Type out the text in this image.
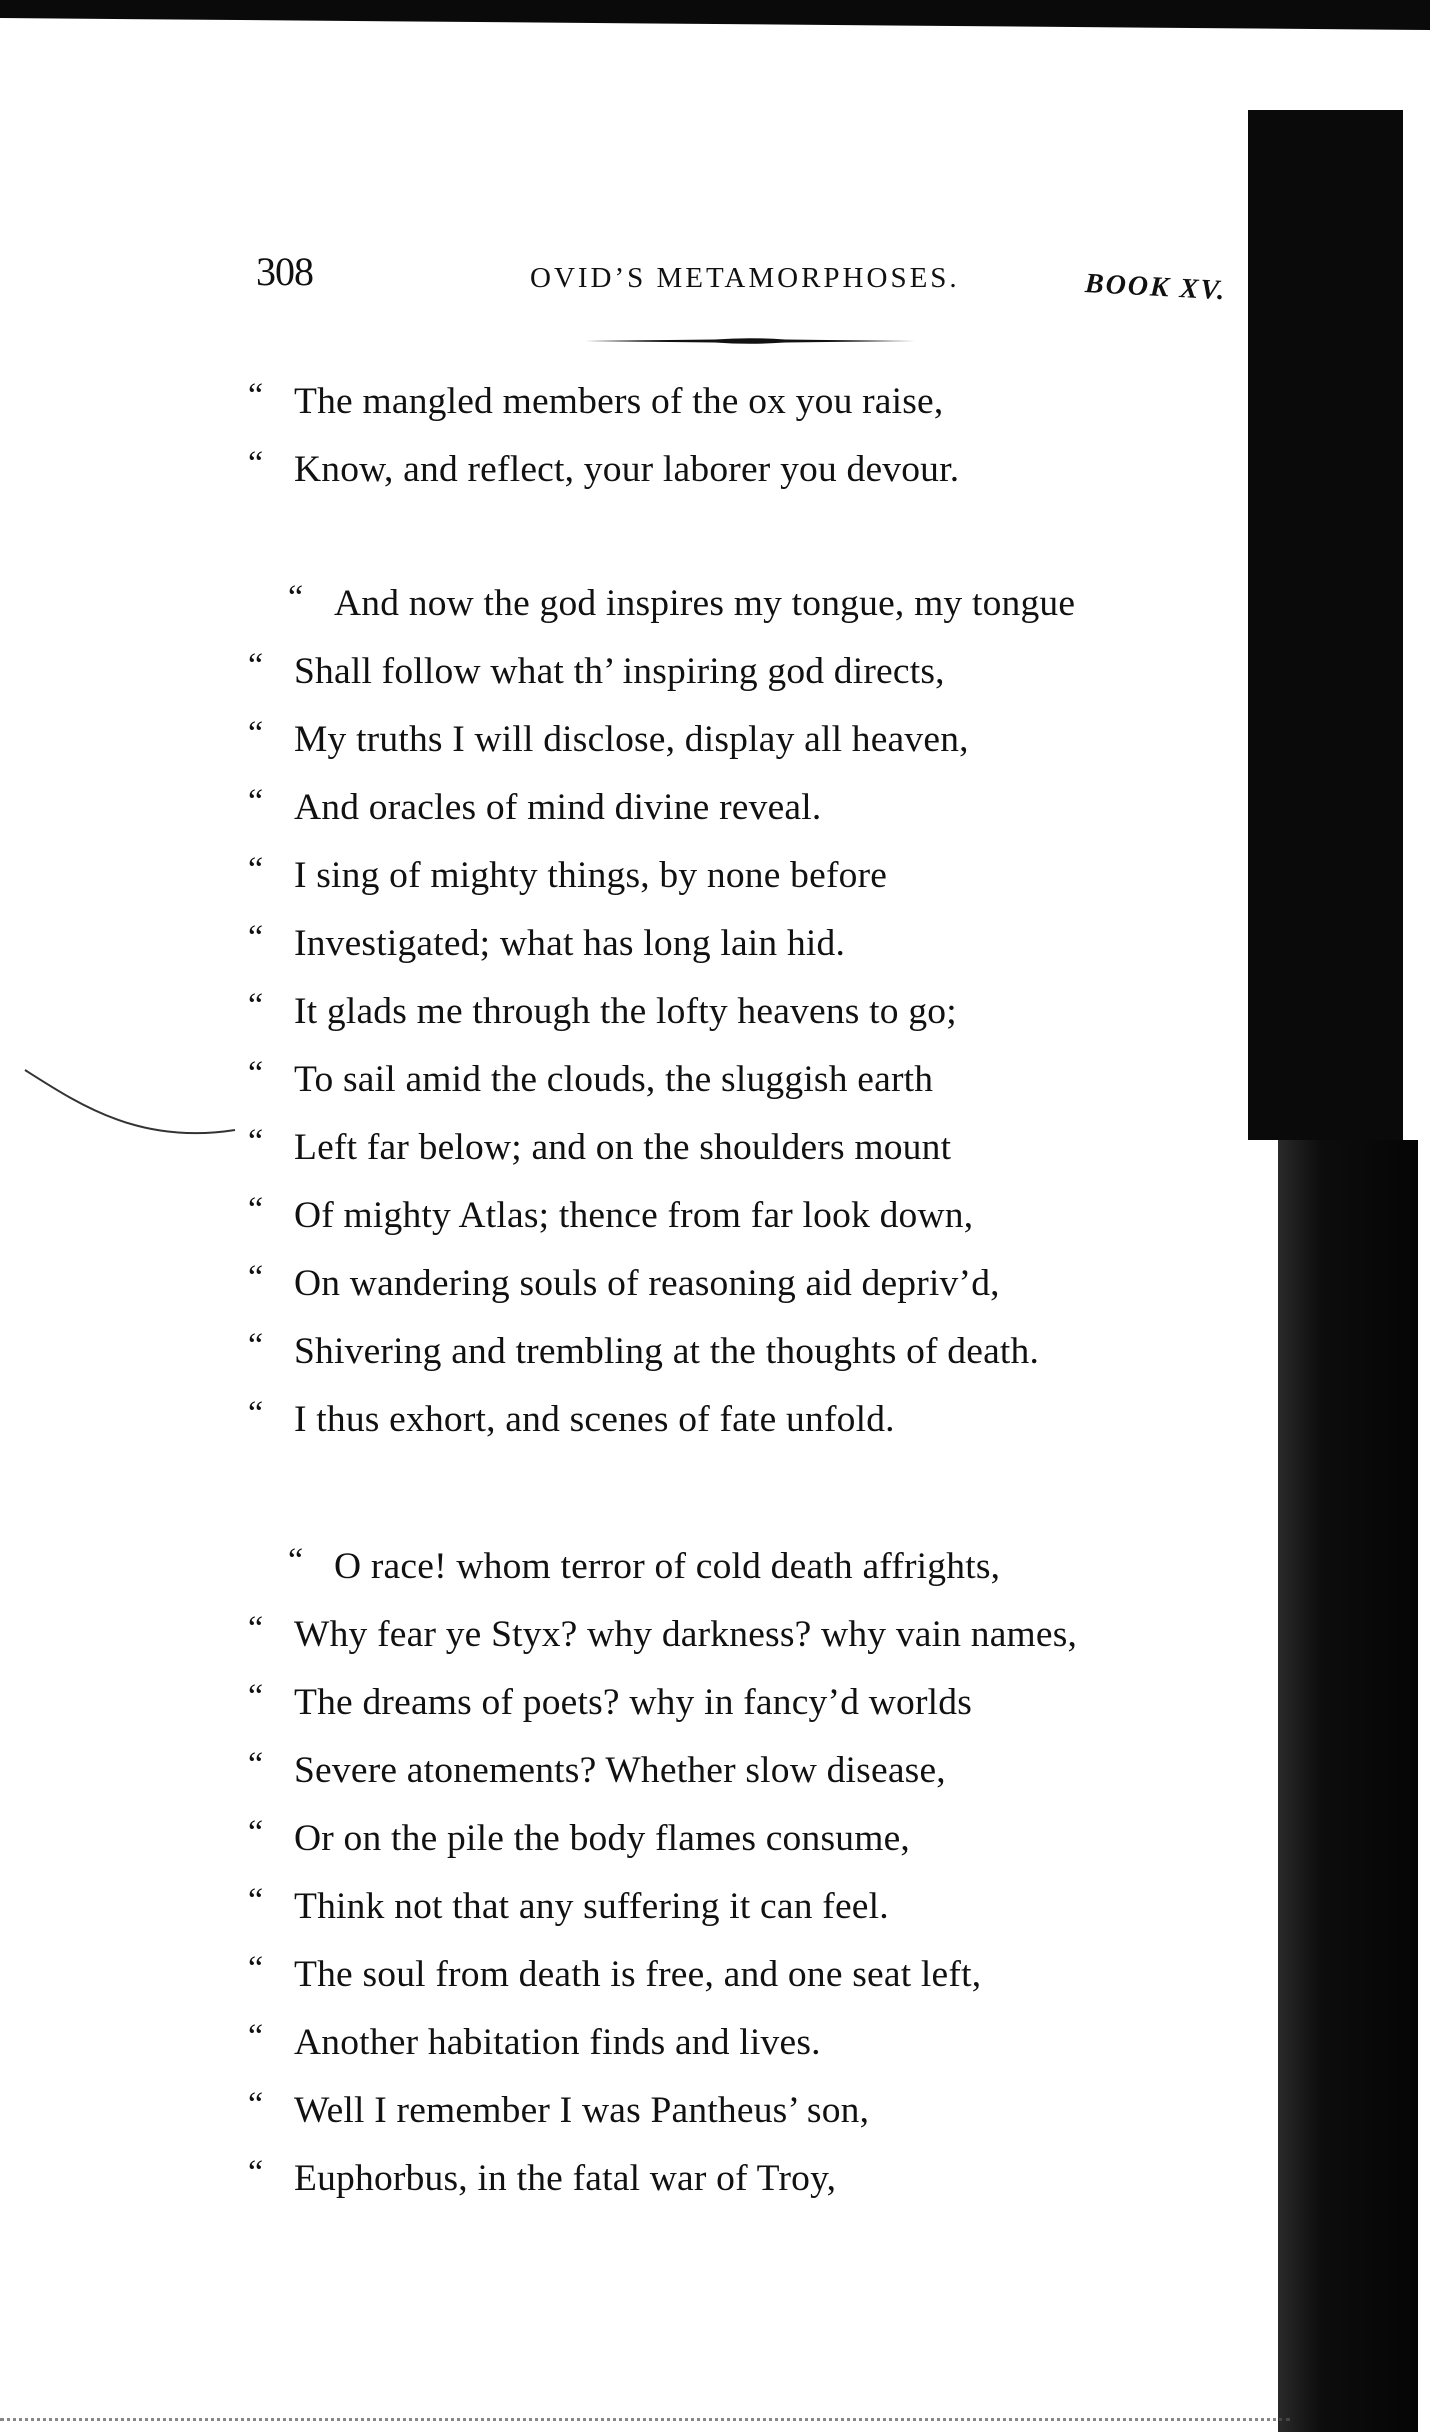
308	OVID’S METAMORPHOSES.	BOOK XV.
“ The mangled members of the ox you raise,
“ Know, and reflect, your laborer you devour.
“ And now the god inspires my tongue, my tongue
“ Shall follow what th’ inspiring god directs,
“ My truths I will disclose, display all heaven,
“ And oracles of mind divine reveal.
“ I sing of mighty things, by none before
“ Investigated; what has long lain hid.
“ It glads me through the lofty heavens to go;
“ To sail amid the clouds, the sluggish earth
“ Left far below; and on the shoulders mount
“ Of mighty Atlas; thence from far look down,
“ On wandering souls of reasoning aid depriv’d,
“ Shivering and trembling at the thoughts of death.
“ I thus exhort, and scenes of fate unfold.
“ O race! whom terror of cold death affrights,
“ Why fear ye Styx? why darkness? why vain names,
“ The dreams of poets? why in fancy’d worlds
“ Severe atonements? Whether slow disease,
“ Or on the pile the body flames consume,
“ Think not that any suffering it can feel.
“ The soul from death is free, and one seat left,
“ Another habitation finds and lives.
“ Well I remember I was Pantheus’ son,
“ Euphorbus, in the fatal war of Troy,
